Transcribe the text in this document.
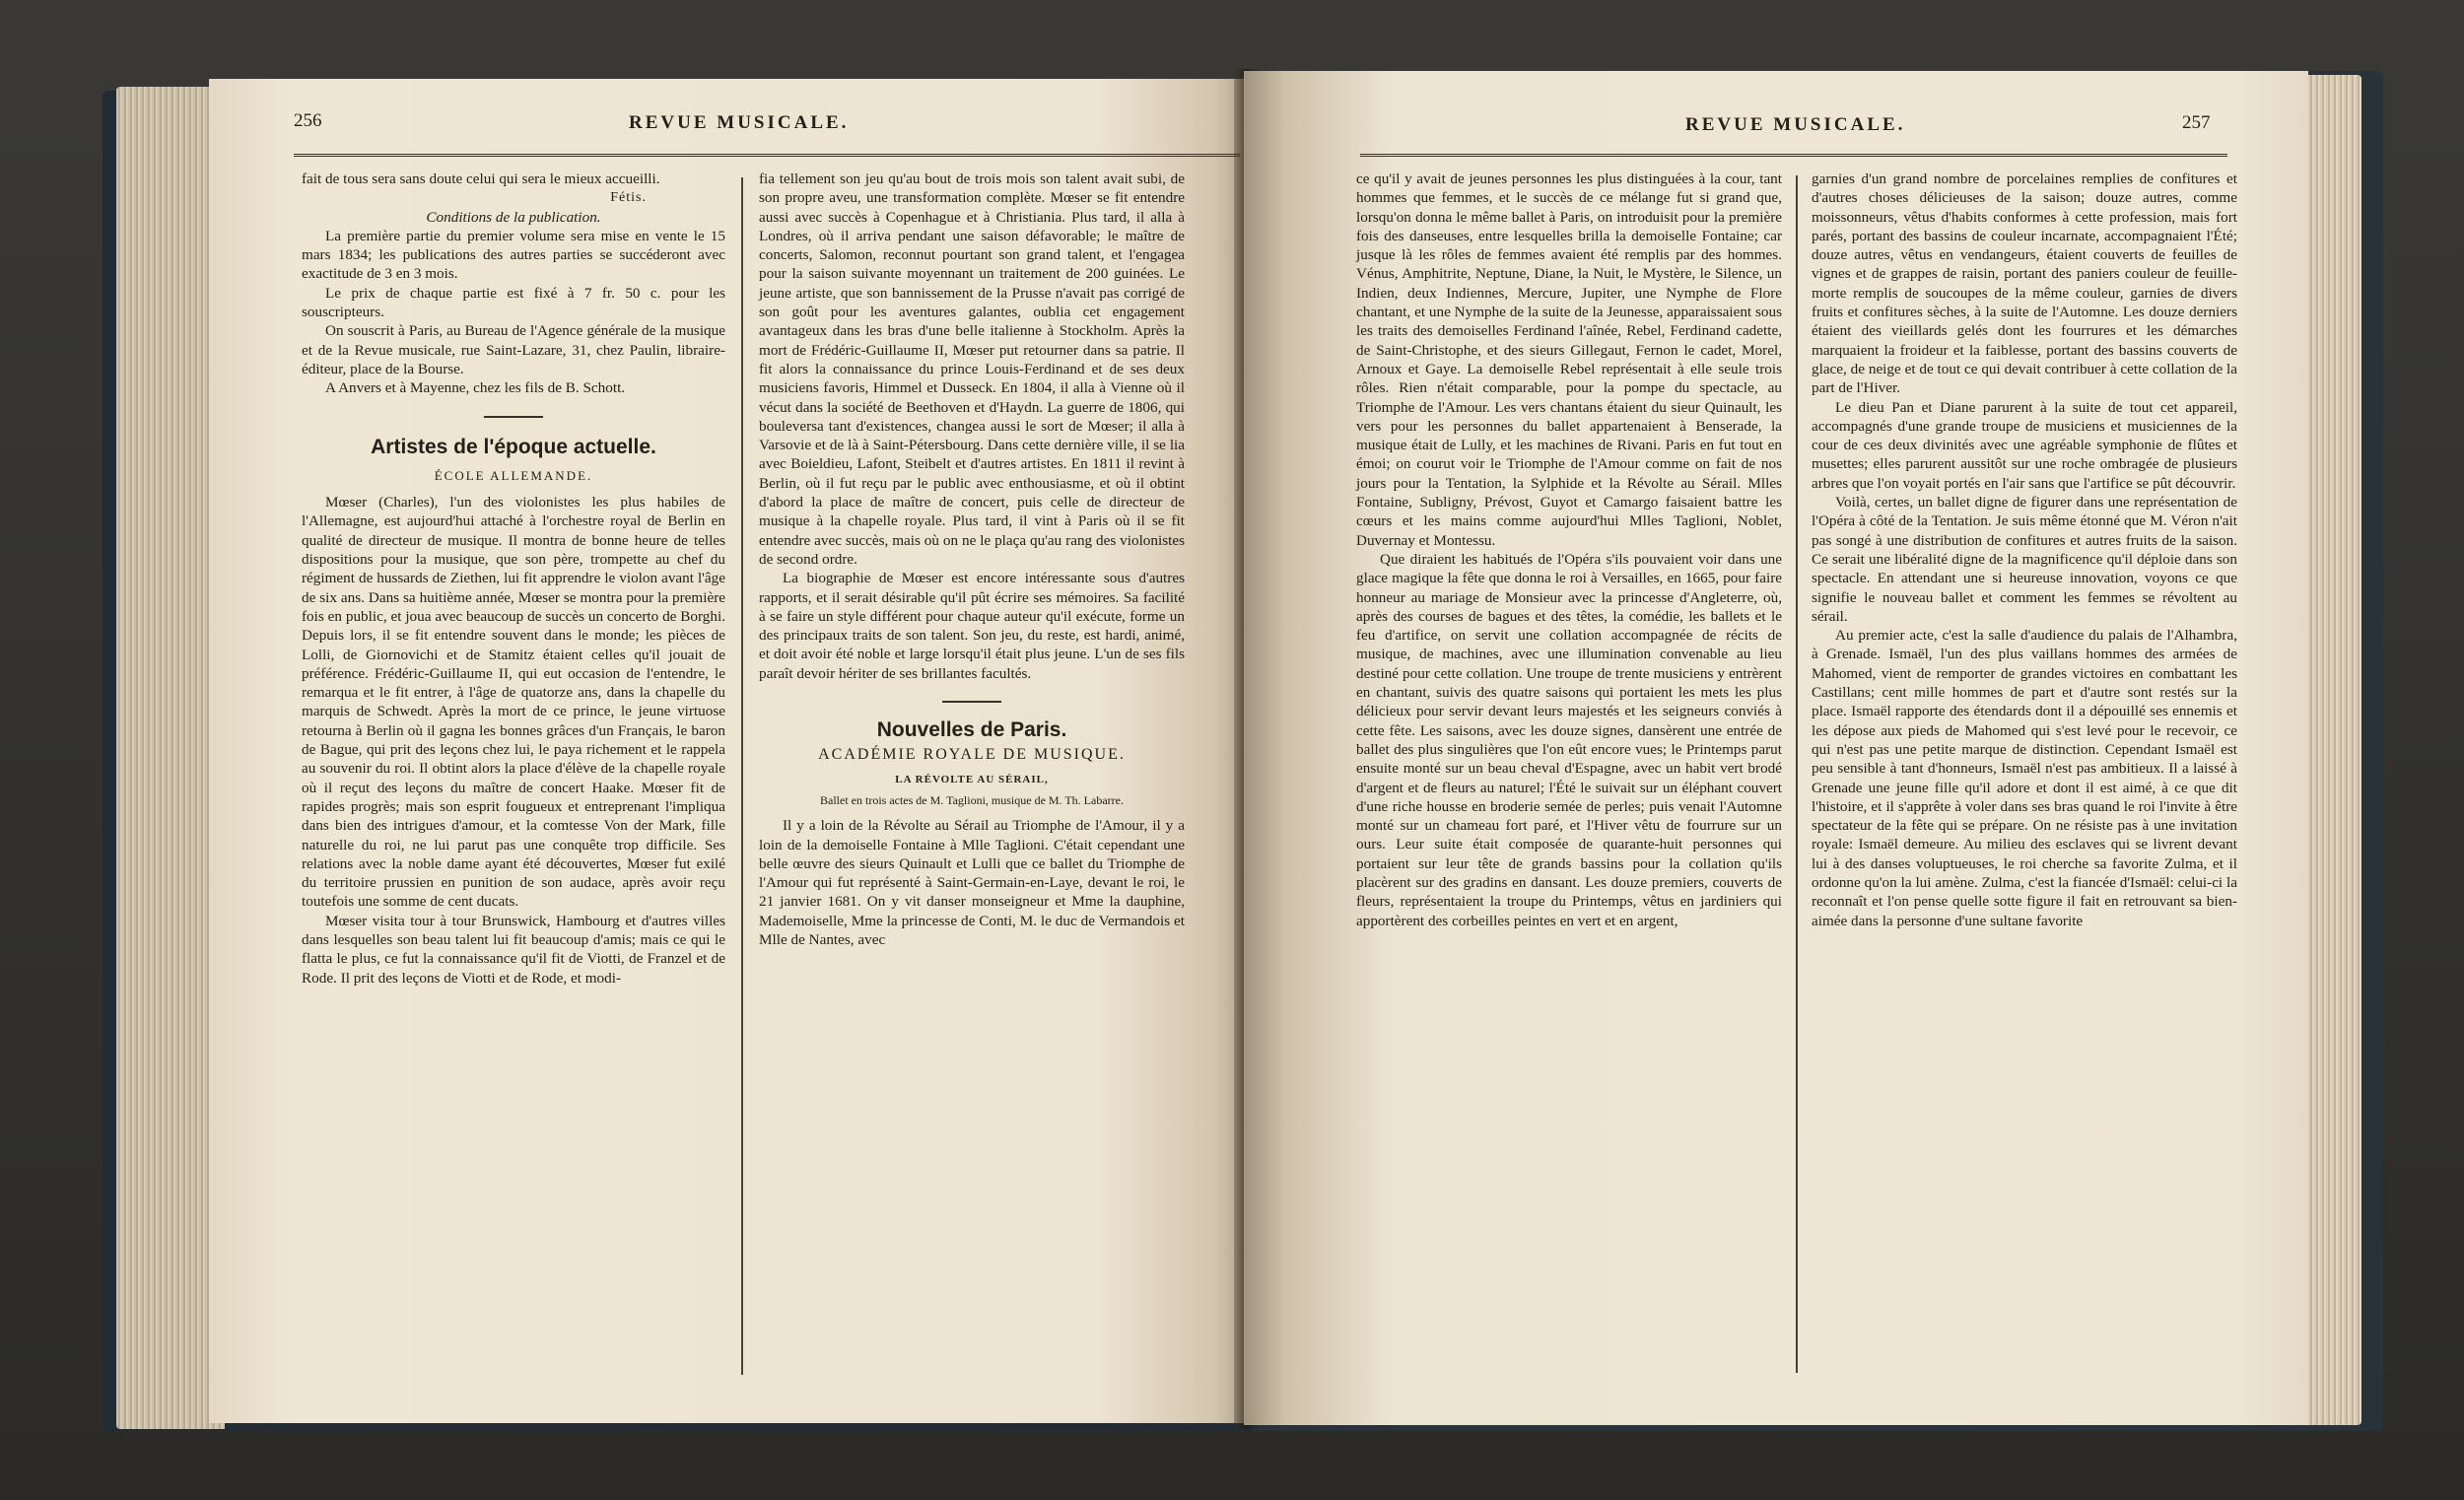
256	REVUE MUSICALE.

fait de tous sera sans doute celui qui sera le mieux accueilli.

Fétis.

Conditions de la publication.

La première partie du premier volume sera mise en vente le 15 mars 1834; les publications des autres parties se succéderont avec exactitude de 3 en 3 mois.

Le prix de chaque partie est fixé à 7 fr. 50 c. pour les souscripteurs.

On souscrit à Paris, au Bureau de l'Agence générale de la musique et de la Revue musicale, rue Saint-Lazare, 31, chez Paulin, libraire-éditeur, place de la Bourse.

A Anvers et à Mayenne, chez les fils de B. Schott.

Artistes de l'époque actuelle.
ÉCOLE ALLEMANDE.

Mœser (Charles), l'un des violonistes les plus habiles de l'Allemagne, est aujourd'hui attaché à l'orchestre royal de Berlin en qualité de directeur de musique. Il montra de bonne heure de telles dispositions pour la musique, que son père, trompette au chef du régiment de hussards de Ziethen, lui fit apprendre le violon avant l'âge de six ans. Dans sa huitième année, Mœser se montra pour la première fois en public, et joua avec beaucoup de succès un concerto de Borghi. Depuis lors, il se fit entendre souvent dans le monde; les pièces de Lolli, de Giornovichi et de Stamitz étaient celles qu'il jouait de préférence. Frédéric-Guillaume II, qui eut occasion de l'entendre, le remarqua et le fit entrer, à l'âge de quatorze ans, dans la chapelle du marquis de Schwedt. Après la mort de ce prince, le jeune virtuose retourna à Berlin où il gagna les bonnes grâces d'un Français, le baron de Bague, qui prit des leçons chez lui, le paya richement et le rappela au souvenir du roi. Il obtint alors la place d'élève de la chapelle royale où il reçut des leçons du maître de concert Haake. Mœser fit de rapides progrès; mais son esprit fougueux et entreprenant l'impliqua dans bien des intrigues d'amour, et la comtesse Von der Mark, fille naturelle du roi, ne lui parut pas une conquête trop difficile. Ses relations avec la noble dame ayant été découvertes, Mœser fut exilé du territoire prussien en punition de son audace, après avoir reçu toutefois une somme de cent ducats.

Mœser visita tour à tour Brunswick, Hambourg et d'autres villes dans lesquelles son beau talent lui fit beaucoup d'amis; mais ce qui le flatta le plus, ce fut la connaissance qu'il fit de Viotti, de Franzel et de Rode. Il prit des leçons de Viotti et de Rode, et modi-

fia tellement son jeu qu'au bout de trois mois son talent avait subi, de son propre aveu, une transformation complète. Mœser se fit entendre aussi avec succès à Copenhague et à Christiania. Plus tard, il alla à Londres, où il arriva pendant une saison défavorable; le maître de concerts, Salomon, reconnut pourtant son grand talent, et l'engagea pour la saison suivante moyennant un traitement de 200 guinées. Le jeune artiste, que son bannissement de la Prusse n'avait pas corrigé de son goût pour les aventures galantes, oublia cet engagement avantageux dans les bras d'une belle italienne à Stockholm. Après la mort de Frédéric-Guillaume II, Mœser put retourner dans sa patrie. Il fit alors la connaissance du prince Louis-Ferdinand et de ses deux musiciens favoris, Himmel et Dusseck. En 1804, il alla à Vienne où il vécut dans la société de Beethoven et d'Haydn. La guerre de 1806, qui bouleversa tant d'existences, changea aussi le sort de Mœser; il alla à Varsovie et de là à Saint-Pétersbourg. Dans cette dernière ville, il se lia avec Boieldieu, Lafont, Steibelt et d'autres artistes. En 1811 il revint à Berlin, où il fut reçu par le public avec enthousiasme, et où il obtint d'abord la place de maître de concert, puis celle de directeur de musique à la chapelle royale. Plus tard, il vint à Paris où il se fit entendre avec succès, mais où on ne le plaça qu'au rang des violonistes de second ordre.

La biographie de Mœser est encore intéressante sous d'autres rapports, et il serait désirable qu'il pût écrire ses mémoires. Sa facilité à se faire un style différent pour chaque auteur qu'il exécute, forme un des principaux traits de son talent. Son jeu, du reste, est hardi, animé, et doit avoir été noble et large lorsqu'il était plus jeune. L'un de ses fils paraît devoir hériter de ses brillantes facultés.

Nouvelles de Paris.
ACADÉMIE ROYALE DE MUSIQUE.
LA RÉVOLTE AU SÉRAIL,
Ballet en trois actes de M. Taglioni, musique de M. Th. Labarre.

Il y a loin de la Révolte au Sérail au Triomphe de l'Amour, il y a loin de la demoiselle Fontaine à Mlle Taglioni. C'était cependant une belle œuvre des sieurs Quinault et Lulli que ce ballet du Triomphe de l'Amour qui fut représenté à Saint-Germain-en-Laye, devant le roi, le 21 janvier 1681. On y vit danser monseigneur et Mme la dauphine, Mademoiselle, Mme la princesse de Conti, M. le duc de Vermandois et Mlle de Nantes, avec

REVUE MUSICALE.	257

ce qu'il y avait de jeunes personnes les plus distinguées à la cour, tant hommes que femmes, et le succès de ce mélange fut si grand que, lorsqu'on donna le même ballet à Paris, on introduisit pour la première fois des danseuses, entre lesquelles brilla la demoiselle Fontaine; car jusque là les rôles de femmes avaient été remplis par des hommes. Vénus, Amphitrite, Neptune, Diane, la Nuit, le Mystère, le Silence, un Indien, deux Indiennes, Mercure, Jupiter, une Nymphe de Flore chantant, et une Nymphe de la suite de la Jeunesse, apparaissaient sous les traits des demoiselles Ferdinand l'aînée, Rebel, Ferdinand cadette, de Saint-Christophe, et des sieurs Gillegaut, Fernon le cadet, Morel, Arnoux et Gaye. La demoiselle Rebel représentait à elle seule trois rôles. Rien n'était comparable, pour la pompe du spectacle, au Triomphe de l'Amour. Les vers chantans étaient du sieur Quinault, les vers pour les personnes du ballet appartenaient à Benserade, la musique était de Lully, et les machines de Rivani. Paris en fut tout en émoi; on courut voir le Triomphe de l'Amour comme on fait de nos jours pour la Tentation, la Sylphide et la Révolte au Sérail. Mlles Fontaine, Subligny, Prévost, Guyot et Camargo faisaient battre les cœurs et les mains comme aujourd'hui Mlles Taglioni, Noblet, Duvernay et Montessu.

Que diraient les habitués de l'Opéra s'ils pouvaient voir dans une glace magique la fête que donna le roi à Versailles, en 1665, pour faire honneur au mariage de Monsieur avec la princesse d'Angleterre, où, après des courses de bagues et des têtes, la comédie, les ballets et le feu d'artifice, on servit une collation accompagnée de récits de musique, de machines, avec une illumination convenable au lieu destiné pour cette collation. Une troupe de trente musiciens y entrèrent en chantant, suivis des quatre saisons qui portaient les mets les plus délicieux pour servir devant leurs majestés et les seigneurs conviés à cette fête. Les saisons, avec les douze signes, dansèrent une entrée de ballet des plus singulières que l'on eût encore vues; le Printemps parut ensuite monté sur un beau cheval d'Espagne, avec un habit vert brodé d'argent et de fleurs au naturel; l'Été le suivait sur un éléphant couvert d'une riche housse en broderie semée de perles; puis venait l'Automne monté sur un chameau fort paré, et l'Hiver vêtu de fourrure sur un ours. Leur suite était composée de quarante-huit personnes qui portaient sur leur tête de grands bassins pour la collation qu'ils placèrent sur des gradins en dansant. Les douze premiers, couverts de fleurs, représentaient la troupe du Printemps, vêtus en jardiniers qui apportèrent des corbeilles peintes en vert et en argent,

garnies d'un grand nombre de porcelaines remplies de confitures et d'autres choses délicieuses de la saison; douze autres, comme moissonneurs, vêtus d'habits conformes à cette profession, mais fort parés, portant des bassins de couleur incarnate, accompagnaient l'Été; douze autres, vêtus en vendangeurs, étaient couverts de feuilles de vignes et de grappes de raisin, portant des paniers couleur de feuille-morte remplis de soucoupes de la même couleur, garnies de divers fruits et confitures sèches, à la suite de l'Automne. Les douze derniers étaient des vieillards gelés dont les fourrures et les démarches marquaient la froideur et la faiblesse, portant des bassins couverts de glace, de neige et de tout ce qui devait contribuer à cette collation de la part de l'Hiver.

Le dieu Pan et Diane parurent à la suite de tout cet appareil, accompagnés d'une grande troupe de musiciens et musiciennes de la cour de ces deux divinités avec une agréable symphonie de flûtes et musettes; elles parurent aussitôt sur une roche ombragée de plusieurs arbres que l'on voyait portés en l'air sans que l'artifice se pût découvrir.

Voilà, certes, un ballet digne de figurer dans une représentation de l'Opéra à côté de la Tentation. Je suis même étonné que M. Véron n'ait pas songé à une distribution de confitures et autres fruits de la saison. Ce serait une libéralité digne de la magnificence qu'il déploie dans son spectacle. En attendant une si heureuse innovation, voyons ce que signifie le nouveau ballet et comment les femmes se révoltent au sérail.

Au premier acte, c'est la salle d'audience du palais de l'Alhambra, à Grenade. Ismaël, l'un des plus vaillans hommes des armées de Mahomed, vient de remporter de grandes victoires en combattant les Castillans; cent mille hommes de part et d'autre sont restés sur la place. Ismaël rapporte des étendards dont il a dépouillé ses ennemis et les dépose aux pieds de Mahomed qui s'est levé pour le recevoir, ce qui n'est pas une petite marque de distinction. Cependant Ismaël est peu sensible à tant d'honneurs, Ismaël n'est pas ambitieux. Il a laissé à Grenade une jeune fille qu'il adore et dont il est aimé, à ce que dit l'histoire, et il s'apprête à voler dans ses bras quand le roi l'invite à être spectateur de la fête qui se prépare. On ne résiste pas à une invitation royale: Ismaël demeure. Au milieu des esclaves qui se livrent devant lui à des danses voluptueuses, le roi cherche sa favorite Zulma, et il ordonne qu'on la lui amène. Zulma, c'est la fiancée d'Ismaël: celui-ci la reconnaît et l'on pense quelle sotte figure il fait en retrouvant sa bien-aimée dans la personne d'une sultane favorite
